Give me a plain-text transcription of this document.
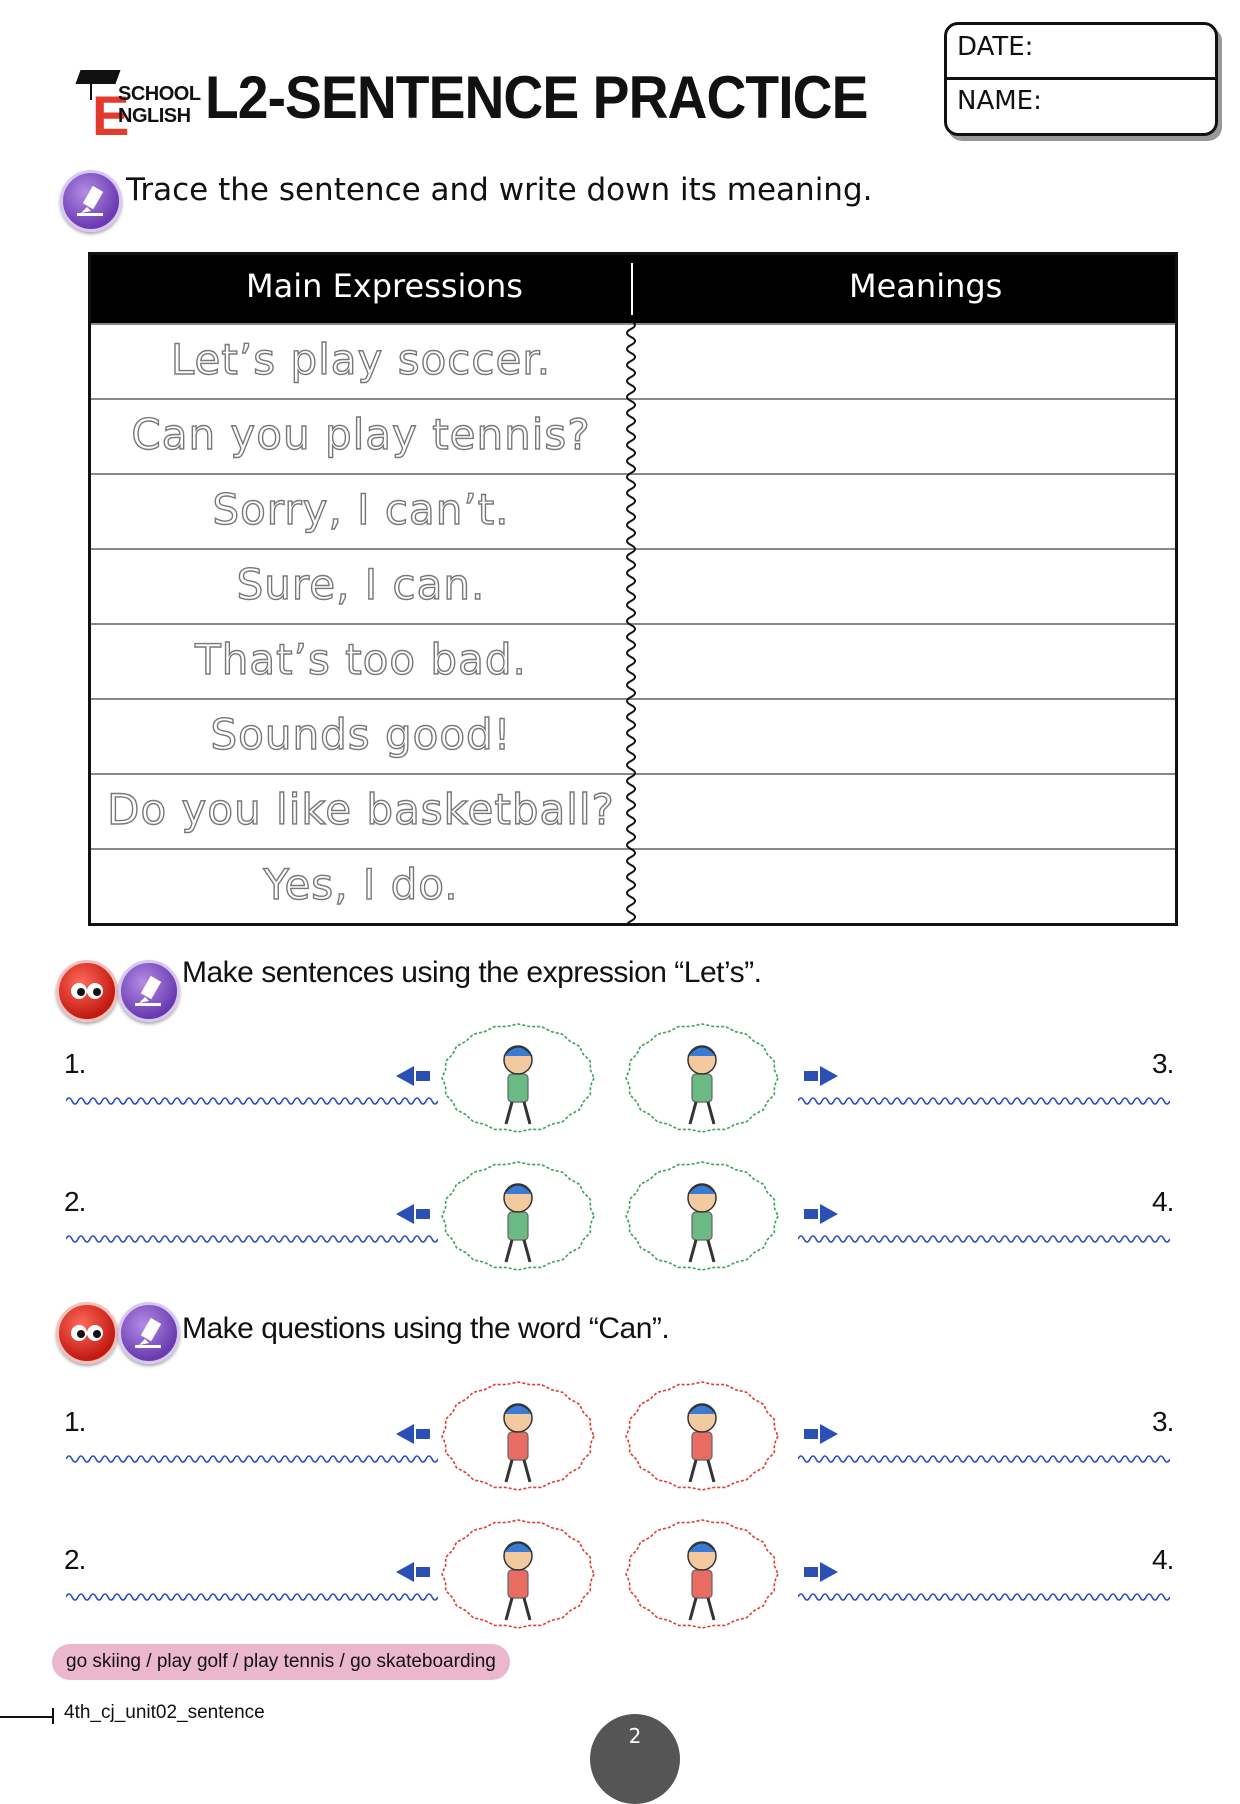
E
SCHOOL
NGLISH L2-SENTENCE PRACTICE
DATE:
NAME:
Trace the sentence and write down its meaning.
Main Expressions	Meanings
Let’s play soccer.
Can you play tennis?
Sorry, I can’t.
Sure, I can.
That’s too bad.
Sounds good!
Do you like basketball?
Yes, I do.
Make sentences using the expression “Let’s”.
Make questions using the word “Can”.
1.	3.
2.	4.
1.	3.
2.	4.
go skiing / play golf / play tennis / go skateboarding
4th_cj_unit02_sentence
2
